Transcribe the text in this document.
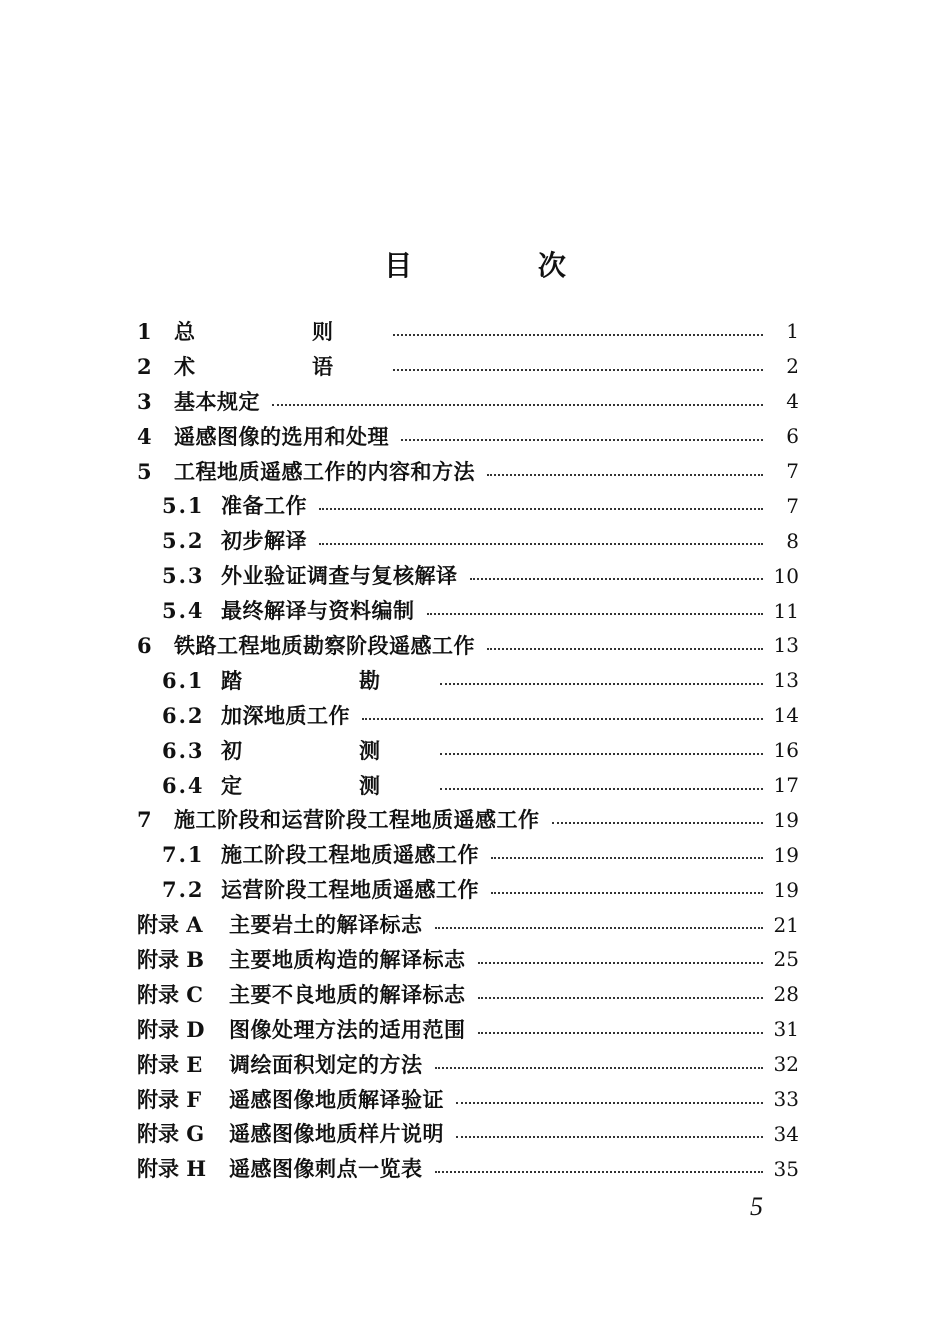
目 次
1	总　则	1
2	术　语	2
3	基本规定	4
4	遥感图像的选用和处理	6
5	工程地质遥感工作的内容和方法	7
5.1 准备工作	7
5.2 初步解译	8
5.3 外业验证调查与复核解译	10
5.4 最终解译与资料编制	11
6	铁路工程地质勘察阶段遥感工作	13
6.1 踏　勘	13
6.2 加深地质工作	14
6.3 初　测	16
6.4 定　测	17
7	施工阶段和运营阶段工程地质遥感工作	19
7.1 施工阶段工程地质遥感工作	19
7.2 运营阶段工程地质遥感工作	19
附录 A	主要岩土的解译标志	21
附录 B	主要地质构造的解译标志	25
附录 C	主要不良地质的解译标志	28
附录 D	图像处理方法的适用范围	31
附录 E	调绘面积划定的方法	32
附录 F	遥感图像地质解译验证	33
附录 G	遥感图像地质样片说明	34
附录 H	遥感图像刺点一览表	35
5
